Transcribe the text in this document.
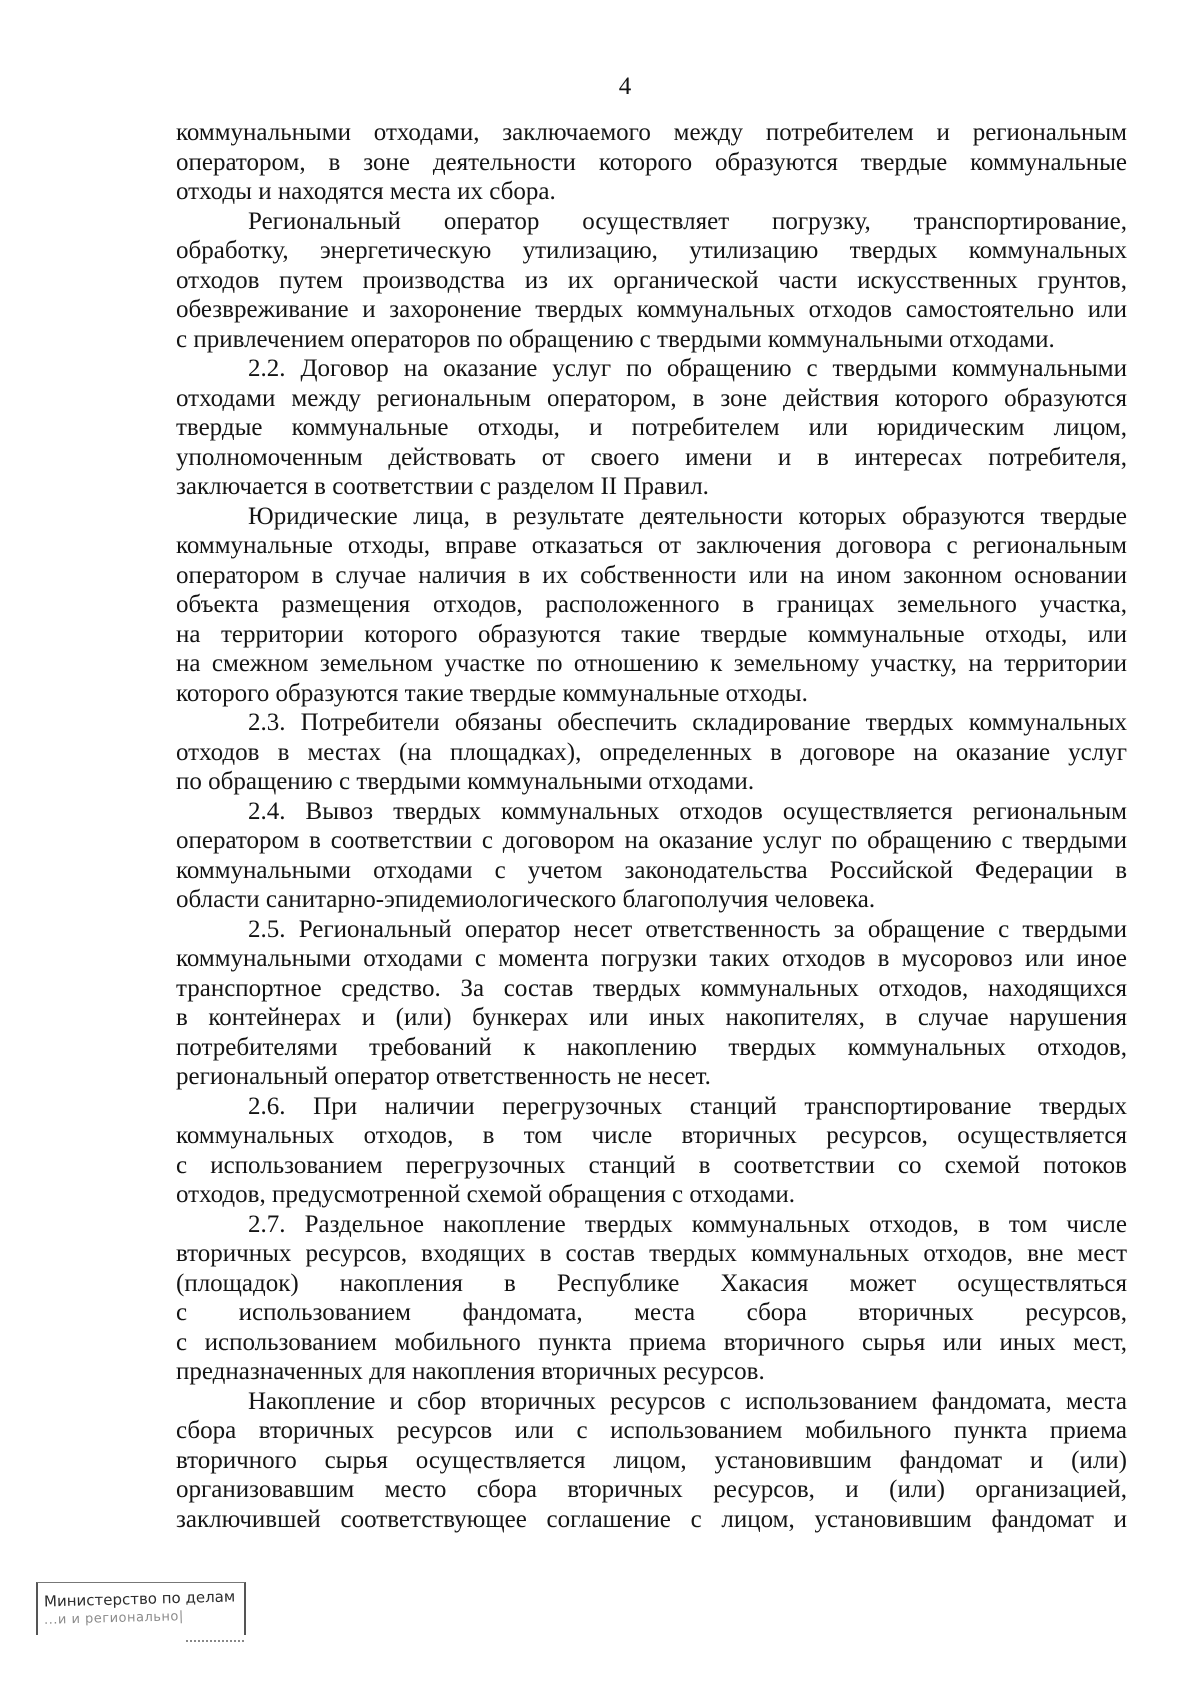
4
коммунальными отходами, заключаемого между потребителем и региональным
оператором, в зоне деятельности которого образуются твердые коммунальные
отходы и находятся места их сбора.
Региональный оператор осуществляет погрузку, транспортирование,
обработку, энергетическую утилизацию, утилизацию твердых коммунальных
отходов путем производства из их органической части искусственных грунтов,
обезвреживание и захоронение твердых коммунальных отходов самостоятельно или
с привлечением операторов по обращению с твердыми коммунальными отходами.
2.2. Договор на оказание услуг по обращению с твердыми коммунальными
отходами между региональным оператором, в зоне действия которого образуются
твердые коммунальные отходы, и потребителем или юридическим лицом,
уполномоченным действовать от своего имени и в интересах потребителя,
заключается в соответствии с разделом II Правил.
Юридические лица, в результате деятельности которых образуются твердые
коммунальные отходы, вправе отказаться от заключения договора с региональным
оператором в случае наличия в их собственности или на ином законном основании
объекта размещения отходов, расположенного в границах земельного участка,
на территории которого образуются такие твердые коммунальные отходы, или
на смежном земельном участке по отношению к земельному участку, на территории
которого образуются такие твердые коммунальные отходы.
2.3. Потребители обязаны обеспечить складирование твердых коммунальных
отходов в местах (на площадках), определенных в договоре на оказание услуг
по обращению с твердыми коммунальными отходами.
2.4. Вывоз твердых коммунальных отходов осуществляется региональным
оператором в соответствии с договором на оказание услуг по обращению с твердыми
коммунальными отходами с учетом законодательства Российской Федерации в
области санитарно-эпидемиологического благополучия человека.
2.5. Региональный оператор несет ответственность за обращение с твердыми
коммунальными отходами с момента погрузки таких отходов в мусоровоз или иное
транспортное средство. За состав твердых коммунальных отходов, находящихся
в контейнерах и (или) бункерах или иных накопителях, в случае нарушения
потребителями требований к накоплению твердых коммунальных отходов,
региональный оператор ответственность не несет.
2.6. При наличии перегрузочных станций транспортирование твердых
коммунальных отходов, в том числе вторичных ресурсов, осуществляется
с использованием перегрузочных станций в соответствии со схемой потоков
отходов, предусмотренной схемой обращения с отходами.
2.7. Раздельное накопление твердых коммунальных отходов, в том числе
вторичных ресурсов, входящих в состав твердых коммунальных отходов, вне мест
(площадок) накопления в Республике Хакасия может осуществляться
с использованием фандомата, места сбора вторичных ресурсов,
с использованием мобильного пункта приема вторичного сырья или иных мест,
предназначенных для накопления вторичных ресурсов.
Накопление и сбор вторичных ресурсов с использованием фандомата, места
сбора вторичных ресурсов или с использованием мобильного пункта приема
вторичного сырья осуществляется лицом, установившим фандомат и (или)
организовавшим место сбора вторичных ресурсов, и (или) организацией,
заключившей соответствующее соглашение с лицом, установившим фандомат и
Министерство по делам
...и и регионально|
